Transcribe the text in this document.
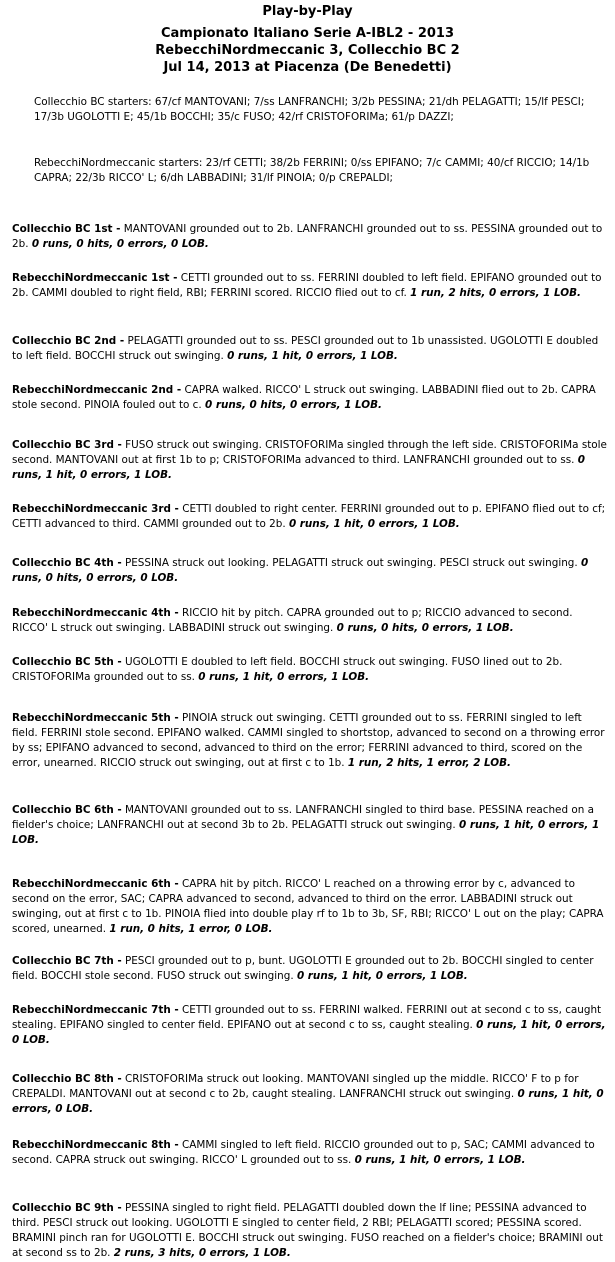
Play-by-Play
Campionato Italiano Serie A-IBL2 - 2013
RebecchiNordmeccanic 3, Collecchio BC 2
Jul 14, 2013 at Piacenza (De Benedetti)
Collecchio BC starters: 67/cf MANTOVANI; 7/ss LANFRANCHI; 3/2b PESSINA; 21/dh PELAGATTI; 15/lf PESCI; 17/3b UGOLOTTI E; 45/1b BOCCHI; 35/c FUSO; 42/rf CRISTOFORIMa; 61/p DAZZI;
RebecchiNordmeccanic starters: 23/rf CETTI; 38/2b FERRINI; 0/ss EPIFANO; 7/c CAMMI; 40/cf RICCIO; 14/1b CAPRA; 22/3b RICCO' L; 6/dh LABBADINI; 31/lf PINOIA; 0/p CREPALDI;
Collecchio BC 1st - MANTOVANI grounded out to 2b. LANFRANCHI grounded out to ss. PESSINA grounded out to 2b. 0 runs, 0 hits, 0 errors, 0 LOB.
RebecchiNordmeccanic 1st - CETTI grounded out to ss. FERRINI doubled to left field. EPIFANO grounded out to 2b. CAMMI doubled to right field, RBI; FERRINI scored. RICCIO flied out to cf. 1 run, 2 hits, 0 errors, 1 LOB.
Collecchio BC 2nd - PELAGATTI grounded out to ss. PESCI grounded out to 1b unassisted. UGOLOTTI E doubled to left field. BOCCHI struck out swinging. 0 runs, 1 hit, 0 errors, 1 LOB.
RebecchiNordmeccanic 2nd - CAPRA walked. RICCO' L struck out swinging. LABBADINI flied out to 2b. CAPRA stole second. PINOIA fouled out to c. 0 runs, 0 hits, 0 errors, 1 LOB.
Collecchio BC 3rd - FUSO struck out swinging. CRISTOFORIMa singled through the left side. CRISTOFORIMa stole second. MANTOVANI out at first 1b to p; CRISTOFORIMa advanced to third. LANFRANCHI grounded out to ss. 0 runs, 1 hit, 0 errors, 1 LOB.
RebecchiNordmeccanic 3rd - CETTI doubled to right center. FERRINI grounded out to p. EPIFANO flied out to cf; CETTI advanced to third. CAMMI grounded out to 2b. 0 runs, 1 hit, 0 errors, 1 LOB.
Collecchio BC 4th - PESSINA struck out looking. PELAGATTI struck out swinging. PESCI struck out swinging. 0 runs, 0 hits, 0 errors, 0 LOB.
RebecchiNordmeccanic 4th - RICCIO hit by pitch. CAPRA grounded out to p; RICCIO advanced to second. RICCO' L struck out swinging. LABBADINI struck out swinging. 0 runs, 0 hits, 0 errors, 1 LOB.
Collecchio BC 5th - UGOLOTTI E doubled to left field. BOCCHI struck out swinging. FUSO lined out to 2b. CRISTOFORIMa grounded out to ss. 0 runs, 1 hit, 0 errors, 1 LOB.
RebecchiNordmeccanic 5th - PINOIA struck out swinging. CETTI grounded out to ss. FERRINI singled to left field. FERRINI stole second. EPIFANO walked. CAMMI singled to shortstop, advanced to second on a throwing error by ss; EPIFANO advanced to second, advanced to third on the error; FERRINI advanced to third, scored on the error, unearned. RICCIO struck out swinging, out at first c to 1b. 1 run, 2 hits, 1 error, 2 LOB.
Collecchio BC 6th - MANTOVANI grounded out to ss. LANFRANCHI singled to third base. PESSINA reached on a fielder's choice; LANFRANCHI out at second 3b to 2b. PELAGATTI struck out swinging. 0 runs, 1 hit, 0 errors, 1 LOB.
RebecchiNordmeccanic 6th - CAPRA hit by pitch. RICCO' L reached on a throwing error by c, advanced to second on the error, SAC; CAPRA advanced to second, advanced to third on the error. LABBADINI struck out swinging, out at first c to 1b. PINOIA flied into double play rf to 1b to 3b, SF, RBI; RICCO' L out on the play; CAPRA scored, unearned. 1 run, 0 hits, 1 error, 0 LOB.
Collecchio BC 7th - PESCI grounded out to p, bunt. UGOLOTTI E grounded out to 2b. BOCCHI singled to center field. BOCCHI stole second. FUSO struck out swinging. 0 runs, 1 hit, 0 errors, 1 LOB.
RebecchiNordmeccanic 7th - CETTI grounded out to ss. FERRINI walked. FERRINI out at second c to ss, caught stealing. EPIFANO singled to center field. EPIFANO out at second c to ss, caught stealing. 0 runs, 1 hit, 0 errors, 0 LOB.
Collecchio BC 8th - CRISTOFORIMa struck out looking. MANTOVANI singled up the middle. RICCO' F to p for CREPALDI. MANTOVANI out at second c to 2b, caught stealing. LANFRANCHI struck out swinging. 0 runs, 1 hit, 0 errors, 0 LOB.
RebecchiNordmeccanic 8th - CAMMI singled to left field. RICCIO grounded out to p, SAC; CAMMI advanced to second. CAPRA struck out swinging. RICCO' L grounded out to ss. 0 runs, 1 hit, 0 errors, 1 LOB.
Collecchio BC 9th - PESSINA singled to right field. PELAGATTI doubled down the lf line; PESSINA advanced to third. PESCI struck out looking. UGOLOTTI E singled to center field, 2 RBI; PELAGATTI scored; PESSINA scored. BRAMINI pinch ran for UGOLOTTI E. BOCCHI struck out swinging. FUSO reached on a fielder's choice; BRAMINI out at second ss to 2b. 2 runs, 3 hits, 0 errors, 1 LOB.
